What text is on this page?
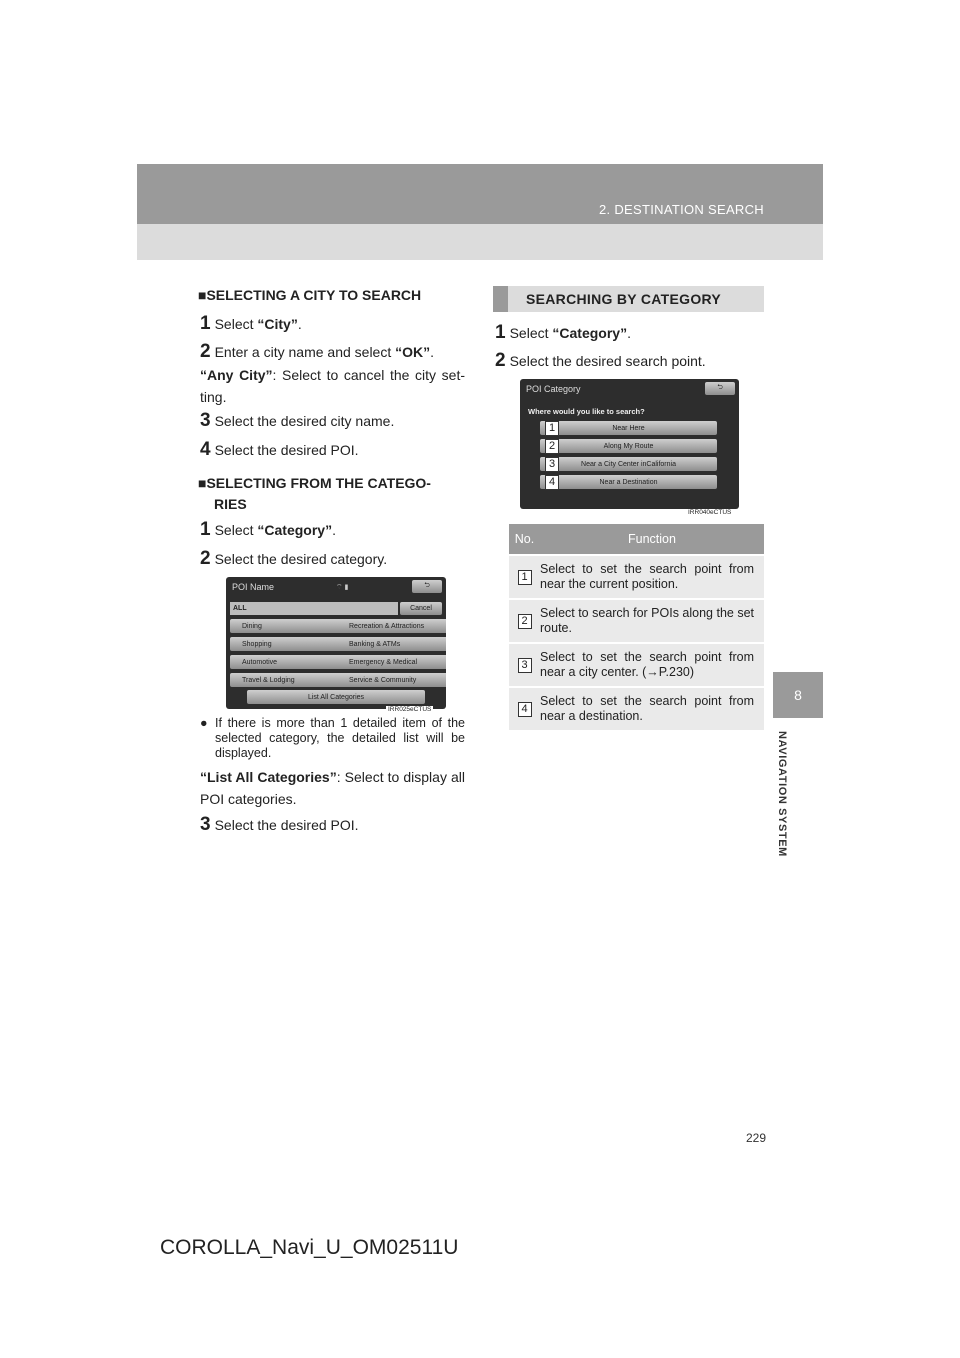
2. DESTINATION SEARCH
8
NAVIGATION SYSTEM
■SELECTING A CITY TO SEARCH
1 Select “City”.
2 Enter a city name and select “OK”.
“Any City”: Select to cancel the city set-ting.
3 Select the desired city name.
4 Select the desired POI.
■SELECTING FROM THE CATEGO-
RIES
1 Select “Category”.
2 Select the desired category.
POI Name	⌔ ▮	⮌
ALL	Cancel
Dining	Recreation & Attractions
Shopping	Banking & ATMs
Automotive	Emergency & Medical
Travel & Lodging	Service & Community
List All Categories
IRR025eCTUS
● If there is more than 1 detailed item of the selected category, the detailed list will be displayed.
“List All Categories”: Select to display all POI categories.
3 Select the desired POI.
SEARCHING BY CATEGORY
1 Select “Category”.
2 Select the desired search point.
POI Category	⮌
Where would you like to search?
Near Here
Along My Route
Near a City Center inCalifornia
Near a Destination
1
2
3
4
IRR040eCTUS
No.	Function
1	Select to set the search point from near the current position.
2	Select to search for POIs along the set route.
3	Select to set the search point from near a city center. (→P.230)
4	Select to set the search point from near a destination.
229
COROLLA_Navi_U_OM02511U
